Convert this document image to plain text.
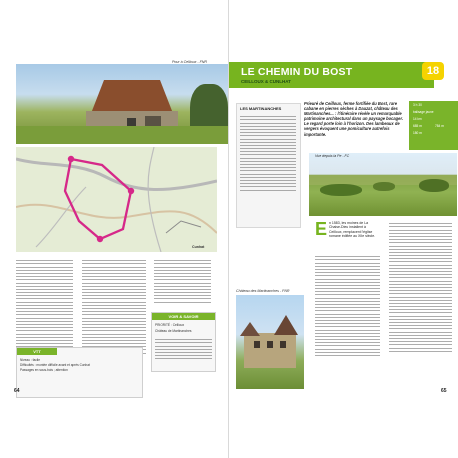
Pour à Cellioux - FNR
Cunhat
VOIR & SAVOIR
PRIORITÉ : Cellioux
Château de Martinanches
VTT
Niveau : facile
Difficultés : montée difficile avant et après Cunhat
Passages en sous-bois ; attention
64
LE CHEMIN DU BOST
CEILLOUX & CUNLHAT
18
LES MARTINANCHES
Prieuré de Ceilloux, ferme fortifiée du Bost, rare cabane en pierres sèches à Dauzat, château des Martinanches... : l'itinéraire révèle un remarquable patrimoine architectural dans un paysage bocager. Le regard porte loin à l'horizon. Des lambeaux de vergers évoquent une pomiculture autrefois importante.
3 h 30
balisage jaune
14 km
685 m	784 m
180 m
Vue depuis la Pe - FC
E n 1583, les moines de La Chaise-Dieu installent à Ceilloux, remplacent l'église romane édifiée au XIIe siècle.
Château des Martinanches - FNR
65
